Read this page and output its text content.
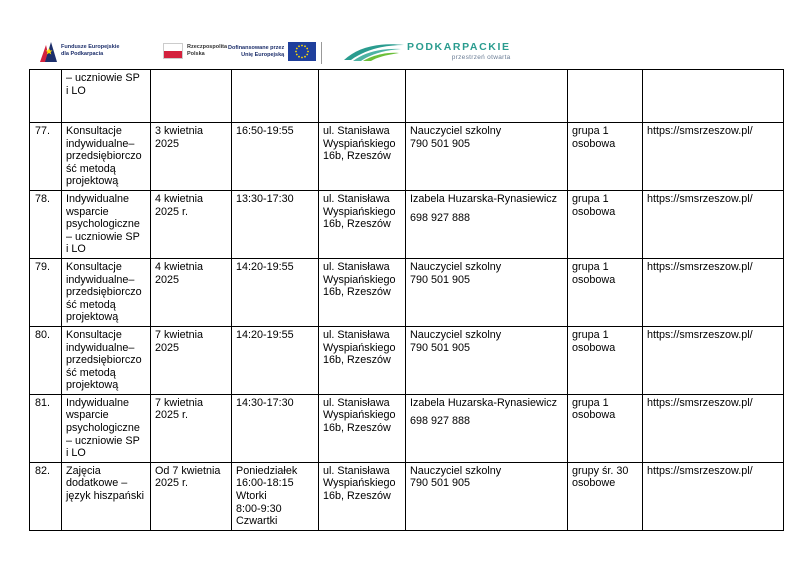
Fundusze Europejskie
dla Podkarpacia
Rzeczpospolita
Polska
Dofinansowane przez
Unię Europejską
PODKARPACKIE
przestrzeń otwarta

	– uczniowie SP
i LO						

77.	Konsultacje
indywidualne–
przedsiębiorczo
ść metodą
projektową	3 kwietnia
2025	16:50-19:55	ul. Stanisława
Wyspiańskiego
16b, Rzeszów	Nauczyciel szkolny
790 501 905	grupa 1
osobowa	https://smsrzeszow.pl/
78.	Indywidualne
wsparcie
psychologiczne
– uczniowie SP
i LO	4 kwietnia
2025 r.	13:30-17:30	ul. Stanisława
Wyspiańskiego
16b, Rzeszów	Izabela Huzarska-Rynasiewicz
698 927 888	grupa 1
osobowa	https://smsrzeszow.pl/
79.	Konsultacje
indywidualne–
przedsiębiorczo
ść metodą
projektową	4 kwietnia
2025	14:20-19:55	ul. Stanisława
Wyspiańskiego
16b, Rzeszów	Nauczyciel szkolny
790 501 905	grupa 1
osobowa	https://smsrzeszow.pl/
80.	Konsultacje
indywidualne–
przedsiębiorczo
ść metodą
projektową	7 kwietnia
2025	14:20-19:55	ul. Stanisława
Wyspiańskiego
16b, Rzeszów	Nauczyciel szkolny
790 501 905	grupa 1
osobowa	https://smsrzeszow.pl/
81.	Indywidualne
wsparcie
psychologiczne
– uczniowie SP
i LO	7 kwietnia
2025 r.	14:30-17:30	ul. Stanisława
Wyspiańskiego
16b, Rzeszów	Izabela Huzarska-Rynasiewicz
698 927 888	grupa 1
osobowa	https://smsrzeszow.pl/
82.	Zajęcia
dodatkowe –
język hiszpański	Od 7 kwietnia
2025 r.	Poniedziałek
16:00-18:15
Wtorki
8:00-9:30
Czwartki	ul. Stanisława
Wyspiańskiego
16b, Rzeszów	Nauczyciel szkolny
790 501 905	grupy śr. 30
osobowe	https://smsrzeszow.pl/
